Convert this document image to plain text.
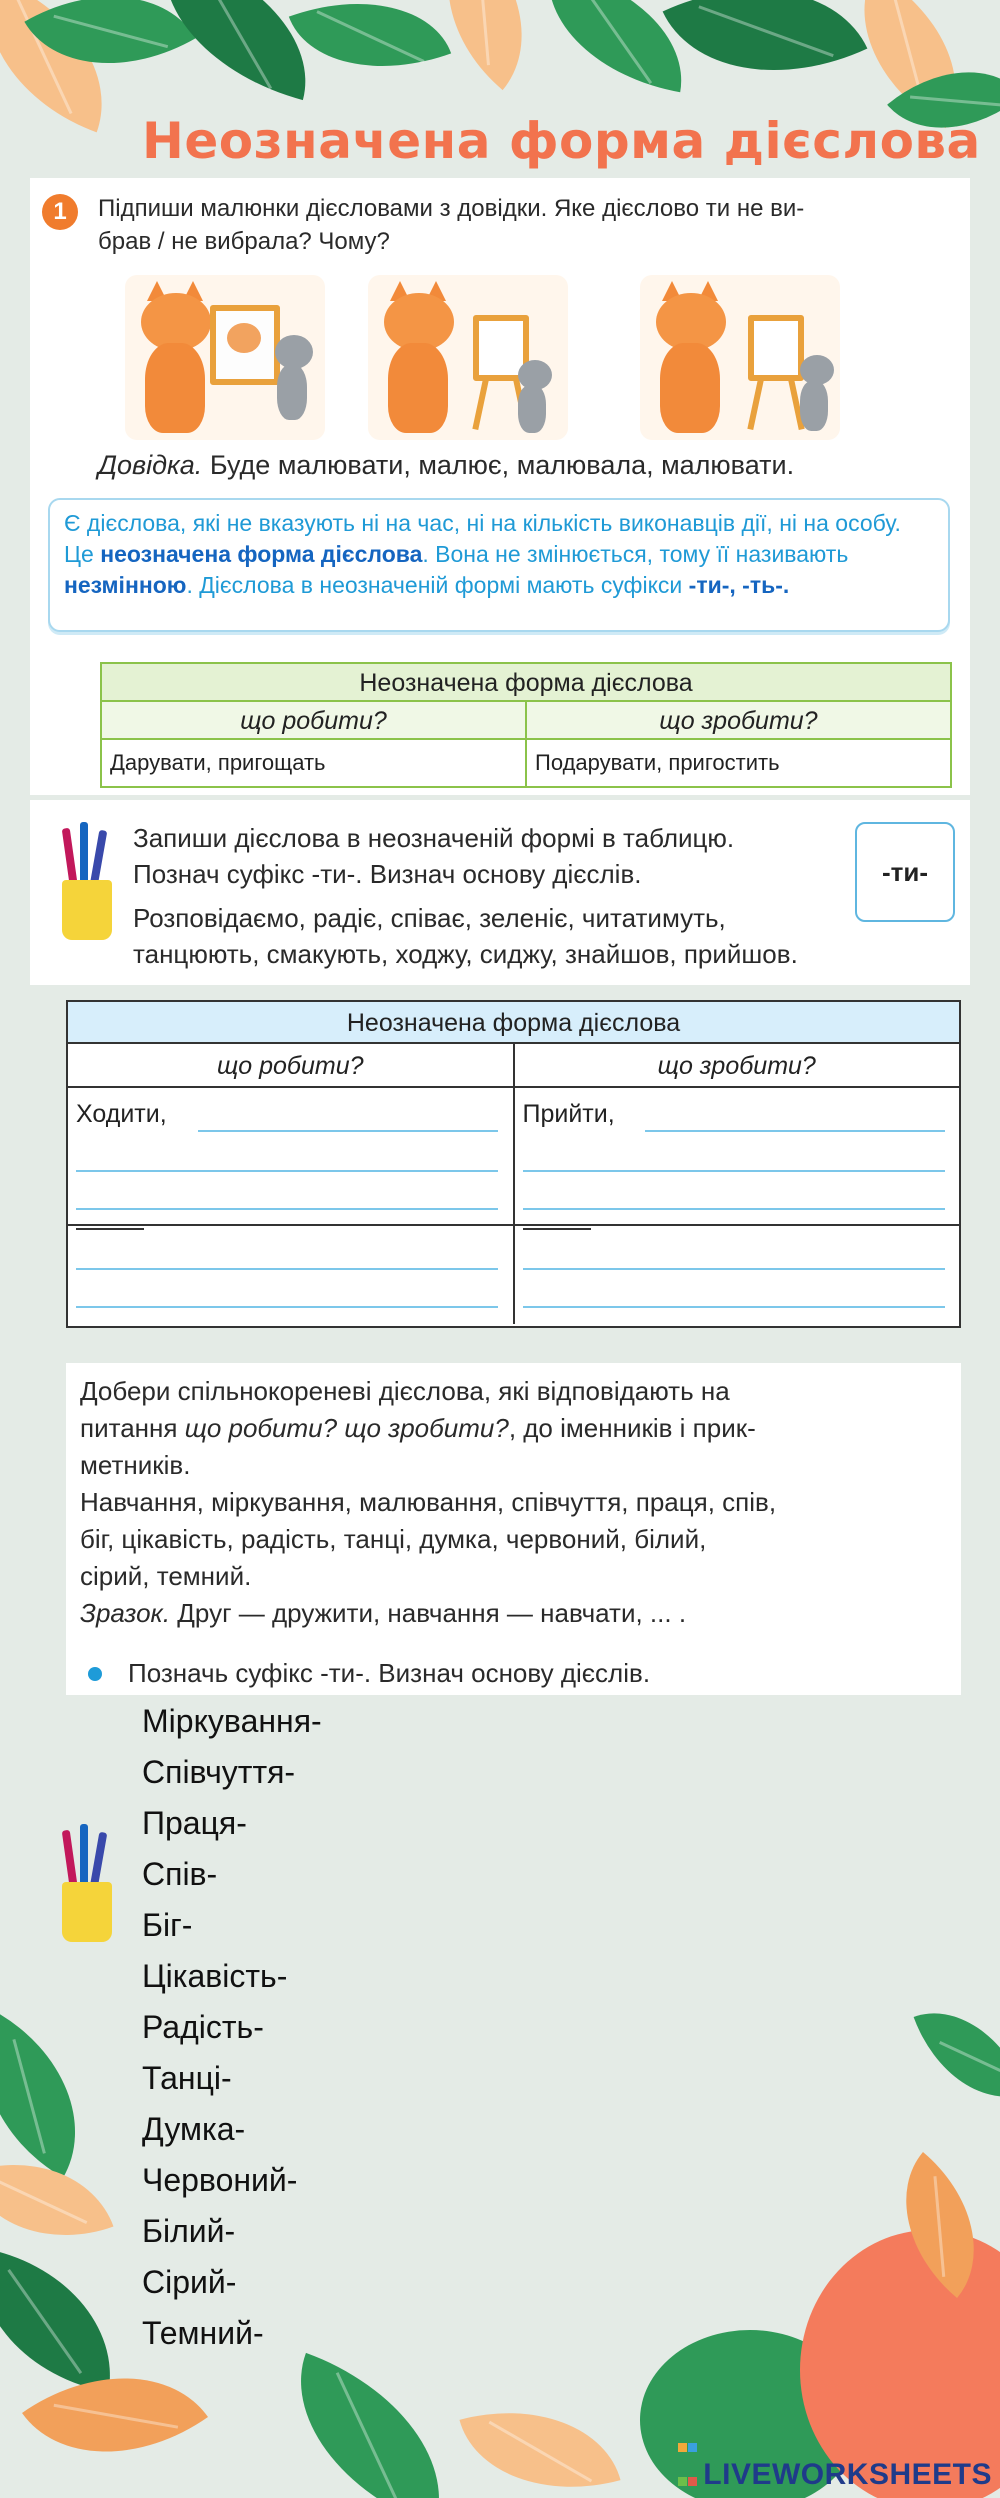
Неозначена форма дієслова
1	Підпиши малюнки дієсловами з довідки. Яке дієслово ти не ви-
брав / не вибрала? Чому?
Довідка. Буде малювати, малює, малювала, малювати.
Є дієслова, які не вказують ні на час, ні на кількість виконавців дії, ні на особу. Це неозначена форма дієслова. Вона не змінюється, тому її називають незмінною. Дієслова в неозначеній формі мають суфікси -ти-, -ть-.
Неозначена форма дієслова
що робити?	що зробити?
Дарувати, пригощать	Подарувати, пригостить
Запиши дієслова в неозначеній формі в таблицю.
Познач суфікс -ти-. Визнач основу дієслів.	-ти-
Розповідаємо, радіє, співає, зеленіє, читатимуть,
танцюють, смакують, ходжу, сиджу, знайшов, прийшов.
Неозначена форма дієслова
що робити?	що зробити?
Ходити,	Прийти,
Добери спільнокореневі дієслова, які відповідають на
питання що робити? що зробити?, до іменників і прик-
метників.
Навчання, міркування, малювання, співчуття, праця, спів,
біг, цікавість, радість, танці, думка, червоний, білий,
сірий, темний.
Зразок. Друг — дружити, навчання — навчати, ... .
Позначь суфікс -ти-. Визнач основу дієслів.
Міркування-
Співчуття-
Праця-
Спів-
Біг-
Цікавість-
Радість-
Танці-
Думка-
Червоний-
Білий-
Сірий-
Темний-
LIVEWORKSHEETS
